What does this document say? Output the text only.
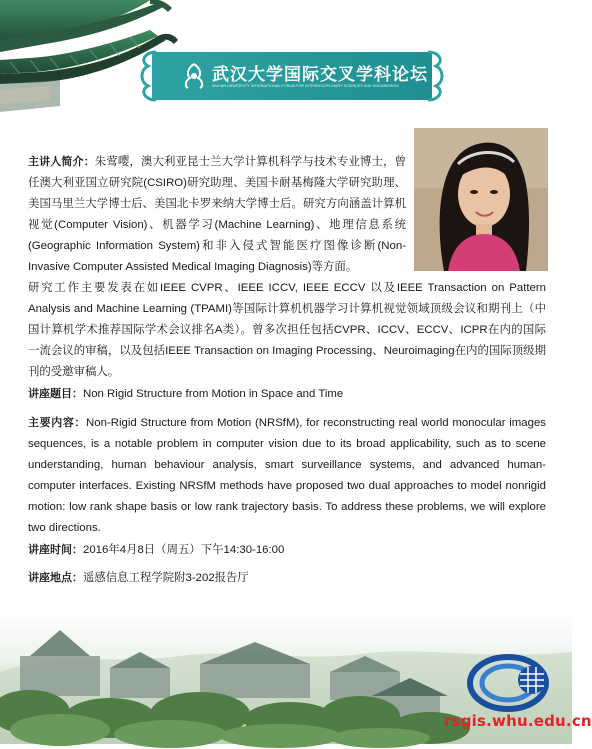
武汉大学国际交叉学科论坛
WUHAN UNIVERSITY INTERNATIONAL FORUM FOR INTERDISCIPLINARY SCIENCES AND ENGINEERING
主讲人简介：朱莺嘤，澳大利亚昆士兰大学计算机科学与技术专业博士，曾任澳大利亚国立研究院(CSIRO)研究助理、美国卡耐基梅隆大学研究助理、美国马里兰大学博士后、美国北卡罗来纳大学博士后。研究方向涵盖计算机视觉(Computer Vision)、机器学习(Machine Learning)、地理信息系统(Geographic Information System)和非入侵式智能医疗图像诊断(Non-Invasive Computer Assisted Medical Imaging Diagnosis)等方面。
研究工作主要发表在如IEEE CVPR、IEEE ICCV, IEEE ECCV 以及IEEE Transaction on Pattern Analysis and Machine Learning (TPAMI)等国际计算机机器学习计算机视觉领域顶级会议和期刊上（中国计算机学术推荐国际学术会议排名A类）。曾多次担任包括CVPR、ICCV、ECCV、ICPR在内的国际一流会议的审稿，以及包括IEEE Transaction on Imaging Processing、Neuroimaging在内的国际顶级期刊的受邀审稿人。
讲座题目：Non Rigid Structure from Motion in Space and Time
主要内容：Non-Rigid Structure from Motion (NRSfM), for reconstructing real world monocular images sequences, is a notable problem in computer vision due to its broad applicability, such as to scene understanding, human behaviour analysis, smart surveillance systems, and advanced human-computer interfaces. Existing NRSfM methods have proposed two dual approaches to model nonrigid motion: low rank shape basis or low rank trajectory basis. To address these problems, we will explore two directions.
讲座时间：2016年4月8日（周五）下午14:30-16:00
讲座地点：遥感信息工程学院附3-202报告厅
rsgis.whu.edu.cn
